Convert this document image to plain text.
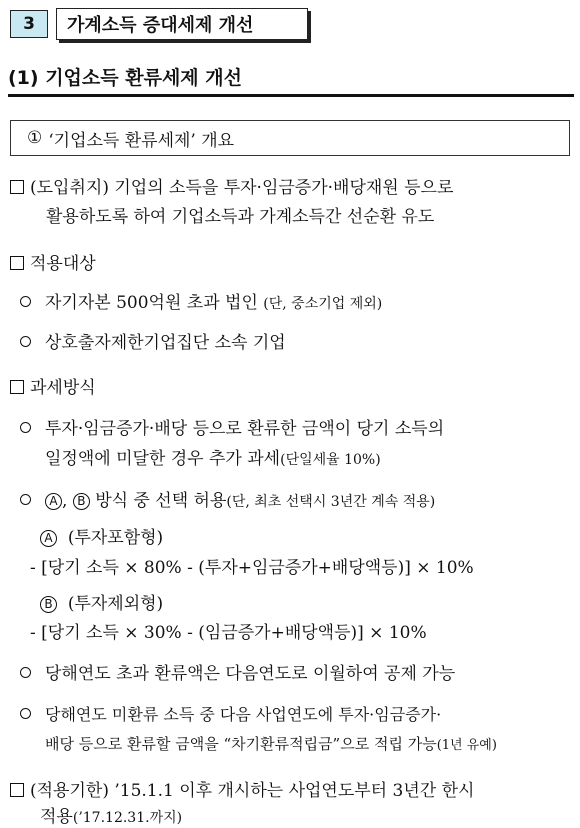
3	가계소득 증대세제 개선
(1) 기업소득 환류세제 개선
① ‘기업소득 환류세제’ 개요
(도입취지) 기업의 소득을 투자·임금증가·배당재원 등으로
활용하도록 하여 기업소득과 가계소득간 선순환 유도
적용대상
자기자본 500억원 초과 법인 (단, 중소기업 제외)
상호출자제한기업집단 소속 기업
과세방식
투자·임금증가·배당 등으로 환류한 금액이 당기 소득의
일정액에 미달한 경우 추가 과세(단일세율 10%)
A , B 방식 중 선택 허용(단, 최초 선택시 3년간 계속 적용)
A (투자포함형)
- [당기 소득 × 80% - (투자+임금증가+배당액등)] × 10%
B (투자제외형)
- [당기 소득 × 30% - (임금증가+배당액등)] × 10%
당해연도 초과 환류액은 다음연도로 이월하여 공제 가능
당해연도 미환류 소득 중 다음 사업연도에 투자·임금증가·
배당 등으로 환류할 금액을 “차기환류적립금”으로 적립 가능(1년 유예)
(적용기한) ’15.1.1 이후 개시하는 사업연도부터 3년간 한시
적용(’17.12.31.까지)
